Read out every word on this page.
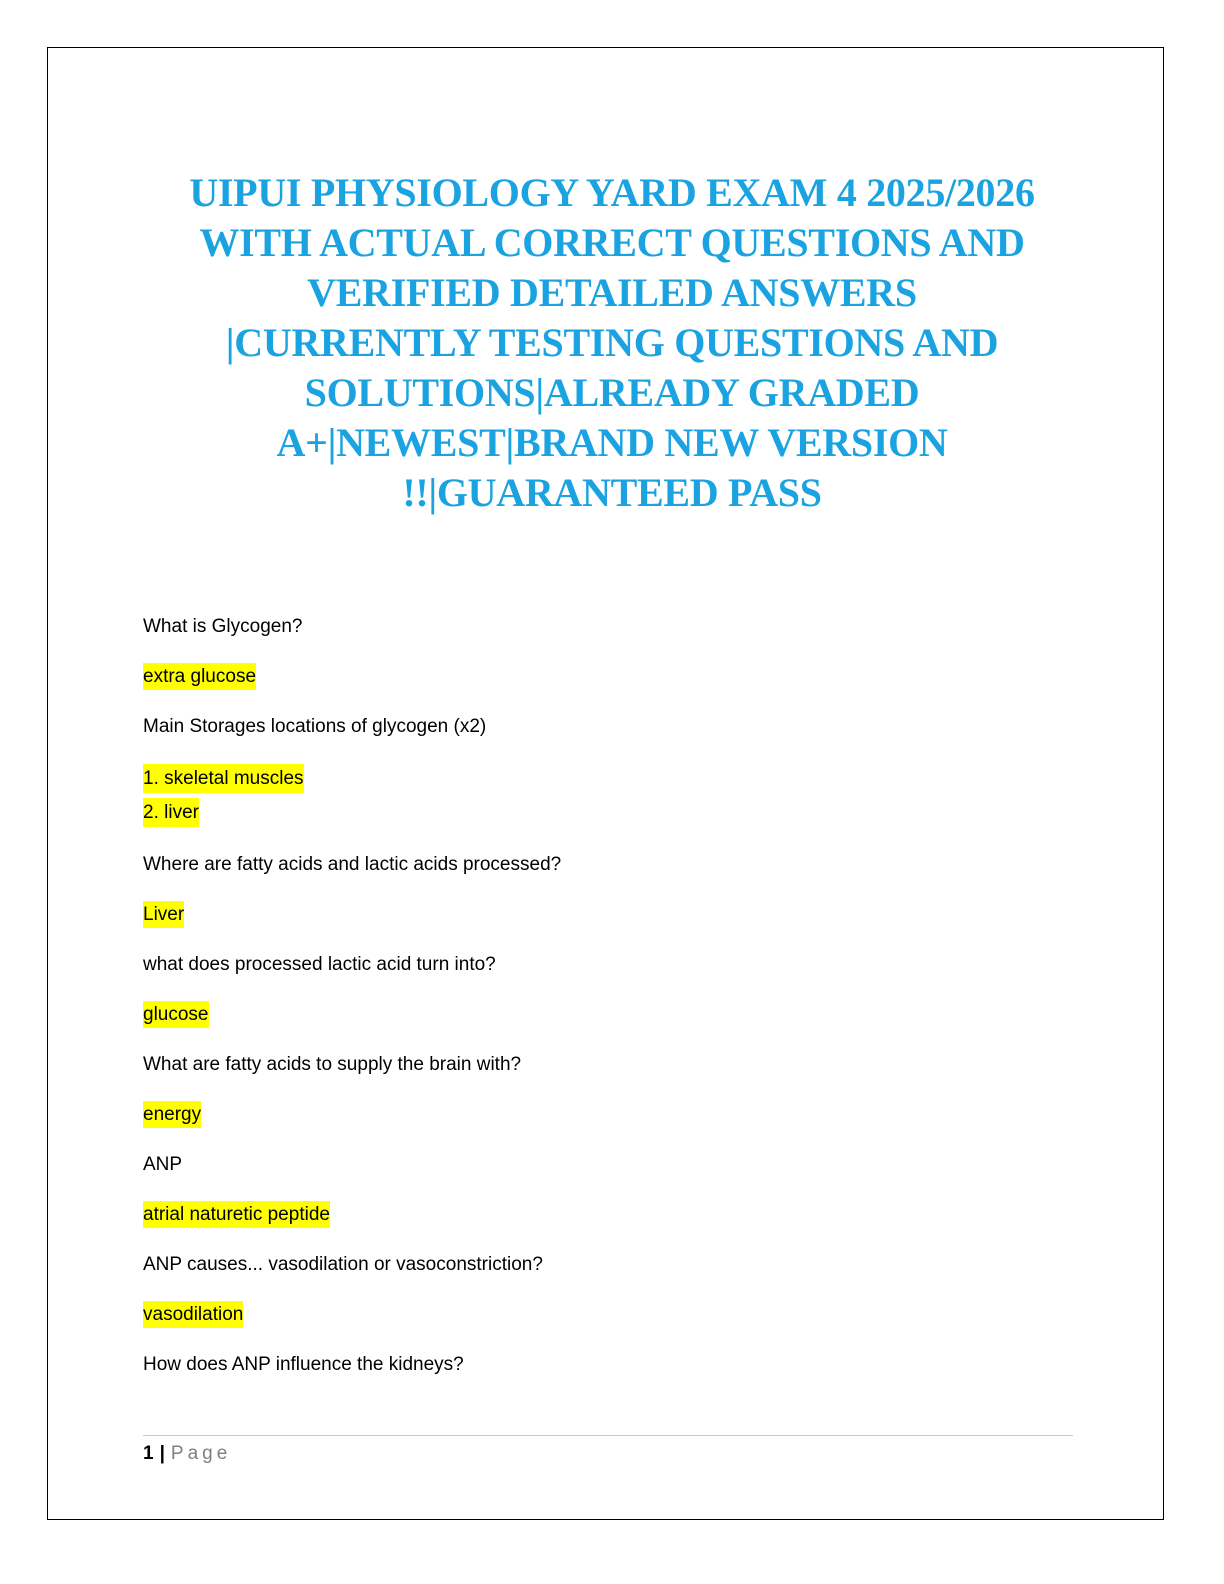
UIPUI PHYSIOLOGY YARD EXAM 4 2025/2026
WITH ACTUAL CORRECT QUESTIONS AND
VERIFIED DETAILED ANSWERS
|CURRENTLY TESTING QUESTIONS AND
SOLUTIONS|ALREADY GRADED
A+|NEWEST|BRAND NEW VERSION
!!|GUARANTEED PASS

What is Glycogen?

extra glucose

Main Storages locations of glycogen (x2)

1. skeletal muscles
2. liver

Where are fatty acids and lactic acids processed?

Liver

what does processed lactic acid turn into?

glucose

What are fatty acids to supply the brain with?

energy

ANP

atrial naturetic peptide

ANP causes... vasodilation or vasoconstriction?

vasodilation

How does ANP influence the kidneys?

1 | Page
